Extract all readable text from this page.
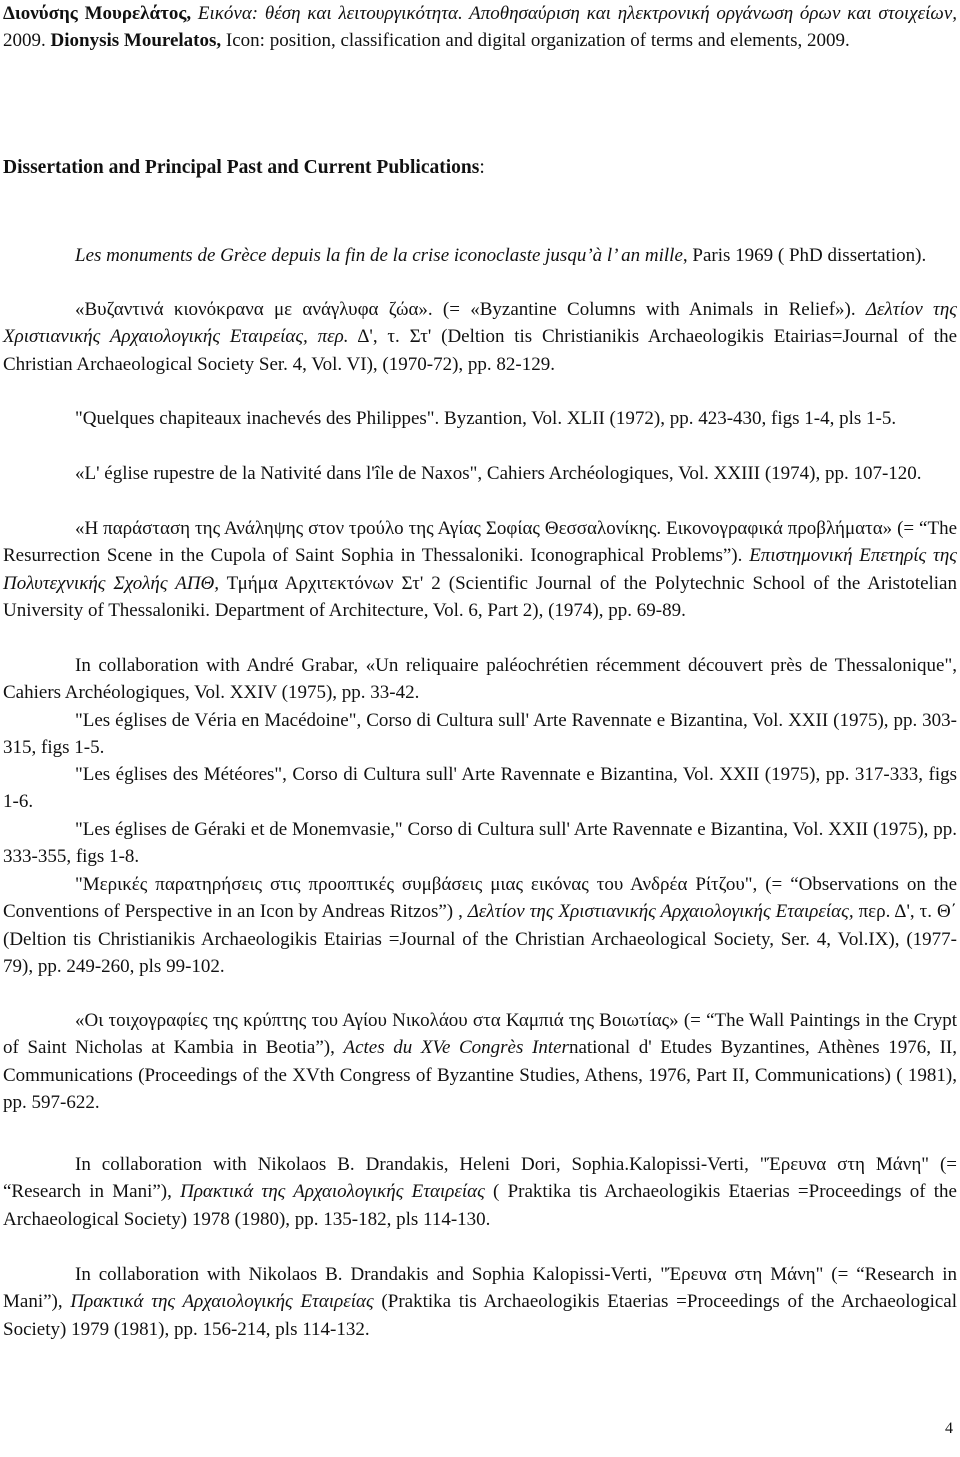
Διονύσης Μουρελάτος, Εικόνα: θέση και λειτουργικότητα. Αποθησαύριση και ηλεκτρονική οργάνωση όρων και στοιχείων, 2009. Dionysis Mourelatos, Icon: position, classification and digital organization of terms and elements, 2009.
Dissertation and Principal Past and Current Publications:
Les monuments de Grèce depuis la fin de la crise iconoclaste jusqu’à l’ an mille, Paris 1969 ( PhD dissertation).
«Βυζαντινά κιονόκρανα με ανάγλυφα ζώα». (= «Byzantine Columns with Animals in Relief»). Δελτίον της Χριστιανικής Αρχαιολογικής Εταιρείας, περ. Δ', τ. Στ' (Deltion tis Christianikis Archaeologikis Etairias=Journal of the Christian Archaeological Society Ser. 4, Vol. VI), (1970-72), pp. 82-129.
"Quelques chapiteaux inachevés des Philippes". Byzantion, Vol. XLII (1972), pp. 423-430, figs 1-4, pls 1-5.
«L' église rupestre de la Nativité dans l'île de Naxos", Cahiers Archéologiques, Vol. XXIII (1974), pp. 107-120.
«Η παράσταση της Ανάληψης στον τρούλο της Αγίας Σοφίας Θεσσαλονίκης. Εικονογραφικά προβλήματα» (= “The Resurrection Scene in the Cupola of Saint Sophia in Thessaloniki. Iconographical Problems”). Επιστημονική Επετηρίς της Πολυτεχνικής Σχολής ΑΠΘ, Τμήμα Αρχιτεκτόνων Στ' 2 (Scientific Journal of the Polytechnic School of the Aristotelian University of Thessaloniki. Department of Architecture, Vol. 6, Part 2), (1974), pp. 69-89.
In collaboration with André Grabar, «Un reliquaire paléochrétien récemment découvert près de Thessalonique", Cahiers Archéologiques, Vol. XXIV (1975), pp. 33-42.
"Les églises de Véria en Macédoine", Corso di Cultura sull' Arte Ravennate e Bizantina, Vol. XXII (1975), pp. 303-315, figs 1-5.
"Les églises des Météores", Corso di Cultura sull' Arte Ravennate e Bizantina, Vol. XXII (1975), pp. 317-333, figs 1-6.
"Les églises de Géraki et de Monemvasie," Corso di Cultura sull' Arte Ravennate e Bizantina, Vol. XXII (1975), pp. 333-355, figs 1-8.
"Μερικές παρατηρήσεις στις προοπτικές συμβάσεις μιας εικόνας του Ανδρέα Ρίτζου", (= “Observations on the Conventions of Perspective in an Icon by Andreas Ritzos”) , Δελτίον της Χριστιανικής Αρχαιολογικής Εταιρείας, περ. Δ', τ. Θ΄ (Deltion tis Christianikis Archaeologikis Etairias =Journal of the Christian Archaeological Society, Ser. 4, Vol.IX), (1977-79), pp. 249-260, pls 99-102.
«Οι τοιχογραφίες της κρύπτης του Αγίου Νικολάου στα Καμπιά της Βοιωτίας» (= “The Wall Paintings in the Crypt of Saint Nicholas at Kambia in Beotia”), Actes du XVe Congrès International d' Etudes Byzantines, Athènes 1976, II, Communications (Proceedings of the XVth Congress of Byzantine Studies, Athens, 1976, Part II, Communications) ( 1981), pp. 597-622.
In collaboration with Nikolaos B. Drandakis, Heleni Dori, Sophia.Kalopissi-Verti, "Έρευνα στη Μάνη" (= “Research in Mani”), Πρακτικά της Αρχαιολογικής Εταιρείας ( Praktika tis Archaeologikis Etaerias =Proceedings of the Archaeological Society) 1978 (1980), pp. 135-182, pls 114-130.
In collaboration with Nikolaos B. Drandakis and Sophia Kalopissi-Verti, "Έρευνα στη Μάνη" (= “Research in Mani”), Πρακτικά της Αρχαιολογικής Εταιρείας (Praktika tis Archaeologikis Etaerias =Proceedings of the Archaeological Society) 1979 (1981), pp. 156-214, pls 114-132.
4
